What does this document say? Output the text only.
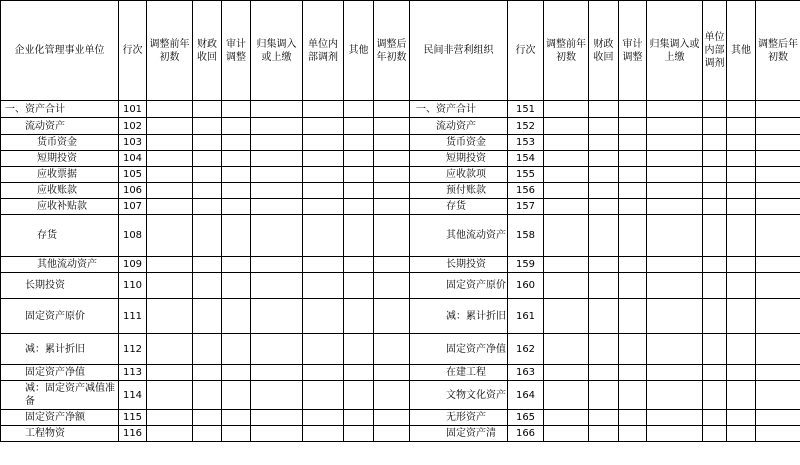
企业化管理事业单位	行次	调整前年初数	财政收回	审计调整	归集调入或上缴	单位内部调剂	其他	调整后年初数	民间非营利组织	行次	调整前年初数	财政收回	审计调整	归集调入或上缴	单位内部调剂	其他	调整后年初数
一、资产合计	101								一、资产合计	151							
流动资产	102								流动资产	152							
货币资金	103								货币资金	153							
短期投资	104								短期投资	154							
应收票据	105								应收款项	155							
应收账款	106								预付账款	156							
应收补贴款	107								存货	157							
存货	108								其他流动资产	158							
其他流动资产	109								长期投资	159							
长期投资	110								固定资产原价	160							
固定资产原价	111								减：累计折旧	161							
减：累计折旧	112								固定资产净值	162							
固定资产净值	113								在建工程	163							
减：固定资产减值准备	114								文物文化资产	164							
固定资产净额	115								无形资产	165							
工程物资	116								固定资产清	166							
